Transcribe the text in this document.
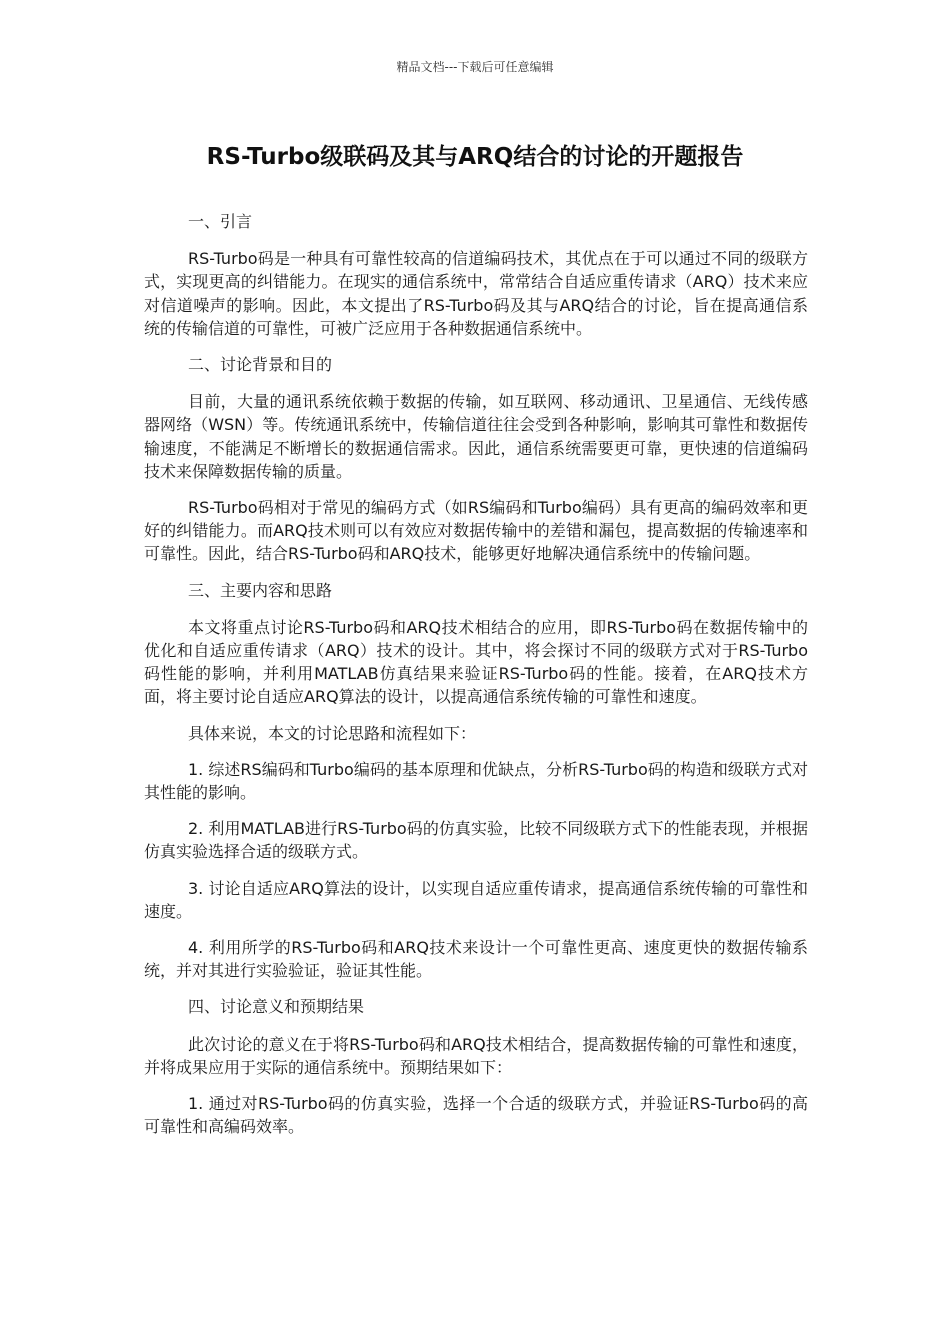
精品文档---下载后可任意编辑
RS-Turbo级联码及其与ARQ结合的讨论的开题报告

一、引言

RS-Turbo码是一种具有可靠性较高的信道编码技术，其优点在于可以通过不同的级联方式，实现更高的纠错能力。在现实的通信系统中，常常结合自适应重传请求（ARQ）技术来应对信道噪声的影响。因此，本文提出了RS-Turbo码及其与ARQ结合的讨论，旨在提高通信系统的传输信道的可靠性，可被广泛应用于各种数据通信系统中。

二、讨论背景和目的

目前，大量的通讯系统依赖于数据的传输，如互联网、移动通讯、卫星通信、无线传感器网络（WSN）等。传统通讯系统中，传输信道往往会受到各种影响，影响其可靠性和数据传输速度，不能满足不断增长的数据通信需求。因此，通信系统需要更可靠，更快速的信道编码技术来保障数据传输的质量。

RS-Turbo码相对于常见的编码方式（如RS编码和Turbo编码）具有更高的编码效率和更好的纠错能力。而ARQ技术则可以有效应对数据传输中的差错和漏包，提高数据的传输速率和可靠性。因此，结合RS-Turbo码和ARQ技术，能够更好地解决通信系统中的传输问题。

三、主要内容和思路

本文将重点讨论RS-Turbo码和ARQ技术相结合的应用，即RS-Turbo码在数据传输中的优化和自适应重传请求（ARQ）技术的设计。其中，将会探讨不同的级联方式对于RS-Turbo码性能的影响，并利用MATLAB仿真结果来验证RS-Turbo码的性能。接着，在ARQ技术方面，将主要讨论自适应ARQ算法的设计，以提高通信系统传输的可靠性和速度。

具体来说，本文的讨论思路和流程如下：

1. 综述RS编码和Turbo编码的基本原理和优缺点，分析RS-Turbo码的构造和级联方式对其性能的影响。

2. 利用MATLAB进行RS-Turbo码的仿真实验，比较不同级联方式下的性能表现，并根据仿真实验选择合适的级联方式。

3. 讨论自适应ARQ算法的设计，以实现自适应重传请求，提高通信系统传输的可靠性和速度。

4. 利用所学的RS-Turbo码和ARQ技术来设计一个可靠性更高、速度更快的数据传输系统，并对其进行实验验证，验证其性能。

四、讨论意义和预期结果

此次讨论的意义在于将RS-Turbo码和ARQ技术相结合，提高数据传输的可靠性和速度，并将成果应用于实际的通信系统中。预期结果如下：

1. 通过对RS-Turbo码的仿真实验，选择一个合适的级联方式，并验证RS-Turbo码的高可靠性和高编码效率。
